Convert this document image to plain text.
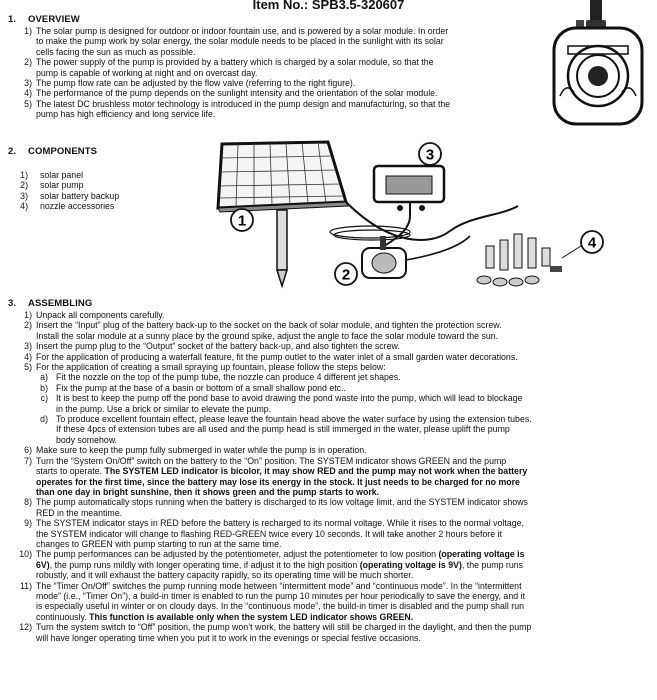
Item No.: SPB3.5-320607
1. OVERVIEW
1) The solar pump is designed for outdoor or indoor fountain use, and is powered by a solar module. In order
to make the pump work by solar energy, the solar module needs to be placed in the sunlight with its solar
cells facing the sun as much as possible.
2) The power supply of the pump is provided by a battery which is charged by a solar module, so that the
pump is capable of working at night and on overcast day.
3) The pump flow rate can be adjusted by the flow valve (referring to the right figure).
4) The performance of the pump depends on the sunlight intensity and the orientation of the solar module.
5) The latest DC brushless motor technology is introduced in the pump design and manufacturing, so that the
pump has high efficiency and long service life.
2. COMPONENTS
1)	solar panel
2)	solar pump
3)	solar battery backup
4)	nozzle accessories
1
2
3
4
3. ASSEMBLING
1) Unpack all components carefully.
2) Insert the “Input” plug of the battery back-up to the socket on the back of solar module, and tighten the protection screw.
Install the solar module at a sunny place by the ground spike, adjust the angle to face the solar module toward the sun.
3) Insert the pump plug to the “Output” socket of the battery back-up, and also tighten the screw.
4) For the application of producing a waterfall feature, fit the pump outlet to the water inlet of a small garden water decorations.
5) For the application of creating a small spraying up fountain, please follow the steps below:
a) Fit the nozzle on the top of the pump tube, the nozzle can produce 4 different jet shapes.
b) Fix the pump at the base of a basin or bottom of a small shallow pond etc..
c) It is best to keep the pump off the pond base to avoid drawing the pond waste into the pump, which will lead to blockage
in the pump. Use a brick or similar to elevate the pump.
d) To produce excellent fountain effect, please leave the fountain head above the water surface by using the extension tubes.
If these 4pcs of extension tubes are all used and the pump head is still immerged in the water, please uplift the pump
body somehow.
6) Make sure to keep the pump fully submerged in water while the pump is in operation.
7) Turn the “System On/Off” switch on the battery to the “On” position. The SYSTEM indicator shows GREEN and the pump
starts to operate. The SYSTEM LED indicator is bicolor, it may show RED and the pump may not work when the battery
operates for the first time, since the battery may lose its energy in the stock. It just needs to be charged for no more
than one day in bright sunshine, then it shows green and the pump starts to work.
8) The pump automatically stops running when the battery is discharged to its low voltage limit, and the SYSTEM indicator shows
RED in the meantime.
9) The SYSTEM indicator stays in RED before the battery is recharged to its normal voltage. While it rises to the normal voltage,
the SYSTEM indicator will change to flashing RED-GREEN twice every 10 seconds. It will take another 2 hours before it
changes to GREEN with pump starting to run at the same time.
10) The pump performances can be adjusted by the potentiometer, adjust the potentiometer to low position (operating voltage is
6V), the pump runs mildly with longer operating time, if adjust it to the high position (operating voltage is 9V), the pump runs
robustly, and it will exhaust the battery capacity rapidly, so its operating time will be much shorter.
11) The “Timer On/Off” switches the pump running mode between “intermittent mode” and “continuous mode”. In the “intermittent
mode” (i.e., “Timer On”), a build-in timer is enabled to run the pump 10 minutes per hour periodically to save the energy, and it
is especially useful in winter or on cloudy days. In the “continuous mode”, the build-in timer is disabled and the pump shall run
continuously. This function is available only when the system LED indicator shows GREEN.
12) Turn the system switch to “Off” position, the pump won’t work, the battery will still be charged in the daylight, and then the pump
will have longer operating time when you put it to work in the evenings or special festive occasions.
